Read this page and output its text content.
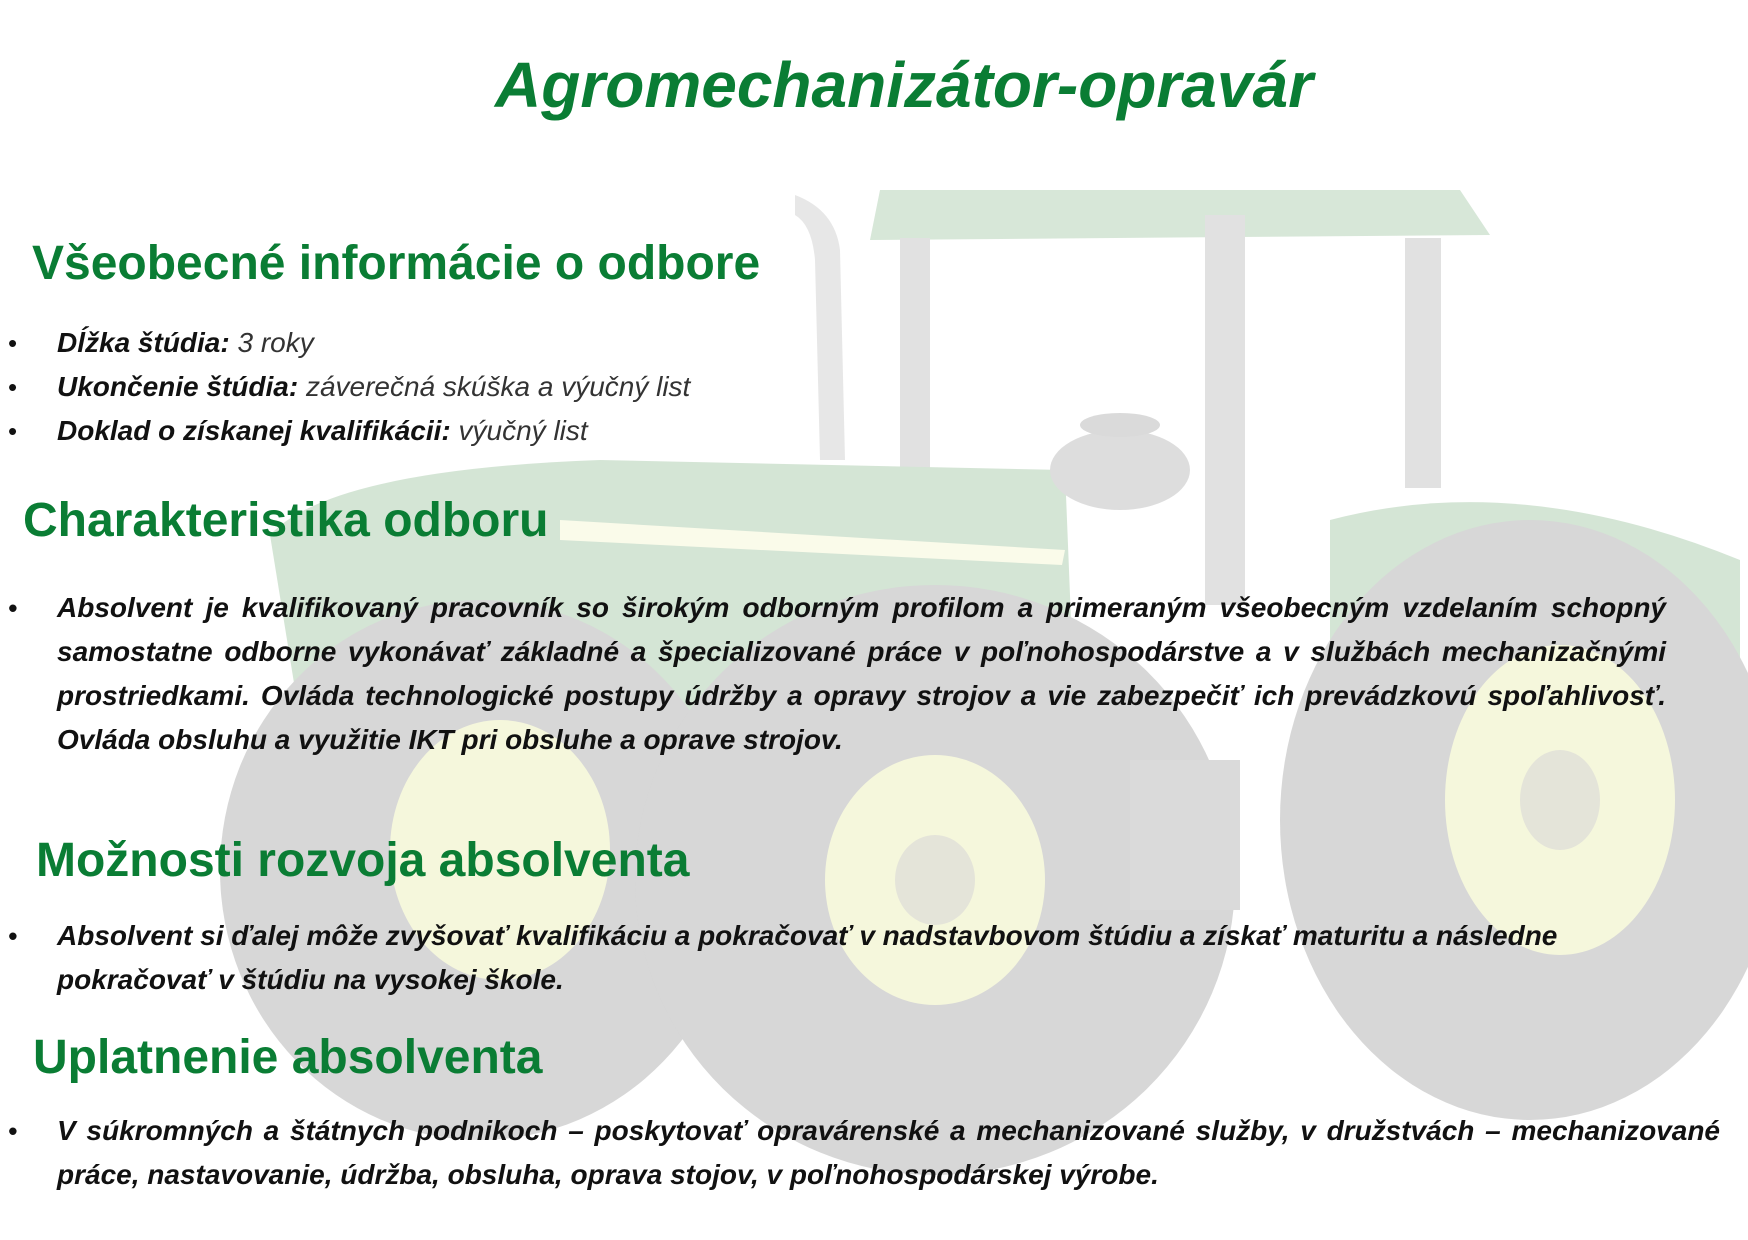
Agromechanizátor-opravár
Všeobecné informácie o odbore
• Dĺžka štúdia: 3 roky
• Ukončenie štúdia: záverečná skúška a výučný list
• Doklad o získanej kvalifikácii: výučný list
Charakteristika odboru
• Absolvent je kvalifikovaný pracovník so širokým odborným profilom a primeraným všeobecným vzdelaním schopný samostatne odborne vykonávať základné a špecializované práce v poľnohospodárstve a v službách mechanizačnými prostriedkami. Ovláda technologické postupy údržby a opravy strojov a vie zabezpečiť ich prevádzkovú spoľahlivosť. Ovláda obsluhu a využitie IKT pri obsluhe a oprave strojov.
Možnosti rozvoja absolventa
• Absolvent si ďalej môže zvyšovať kvalifikáciu a pokračovať v nadstavbovom štúdiu a získať maturitu a následne pokračovať v štúdiu na vysokej škole.
Uplatnenie absolventa
• V súkromných a štátnych podnikoch – poskytovať opravárenské a mechanizované služby, v družstvách – mechanizované práce, nastavovanie, údržba, obsluha, oprava stojov, v poľnohospodárskej výrobe.
